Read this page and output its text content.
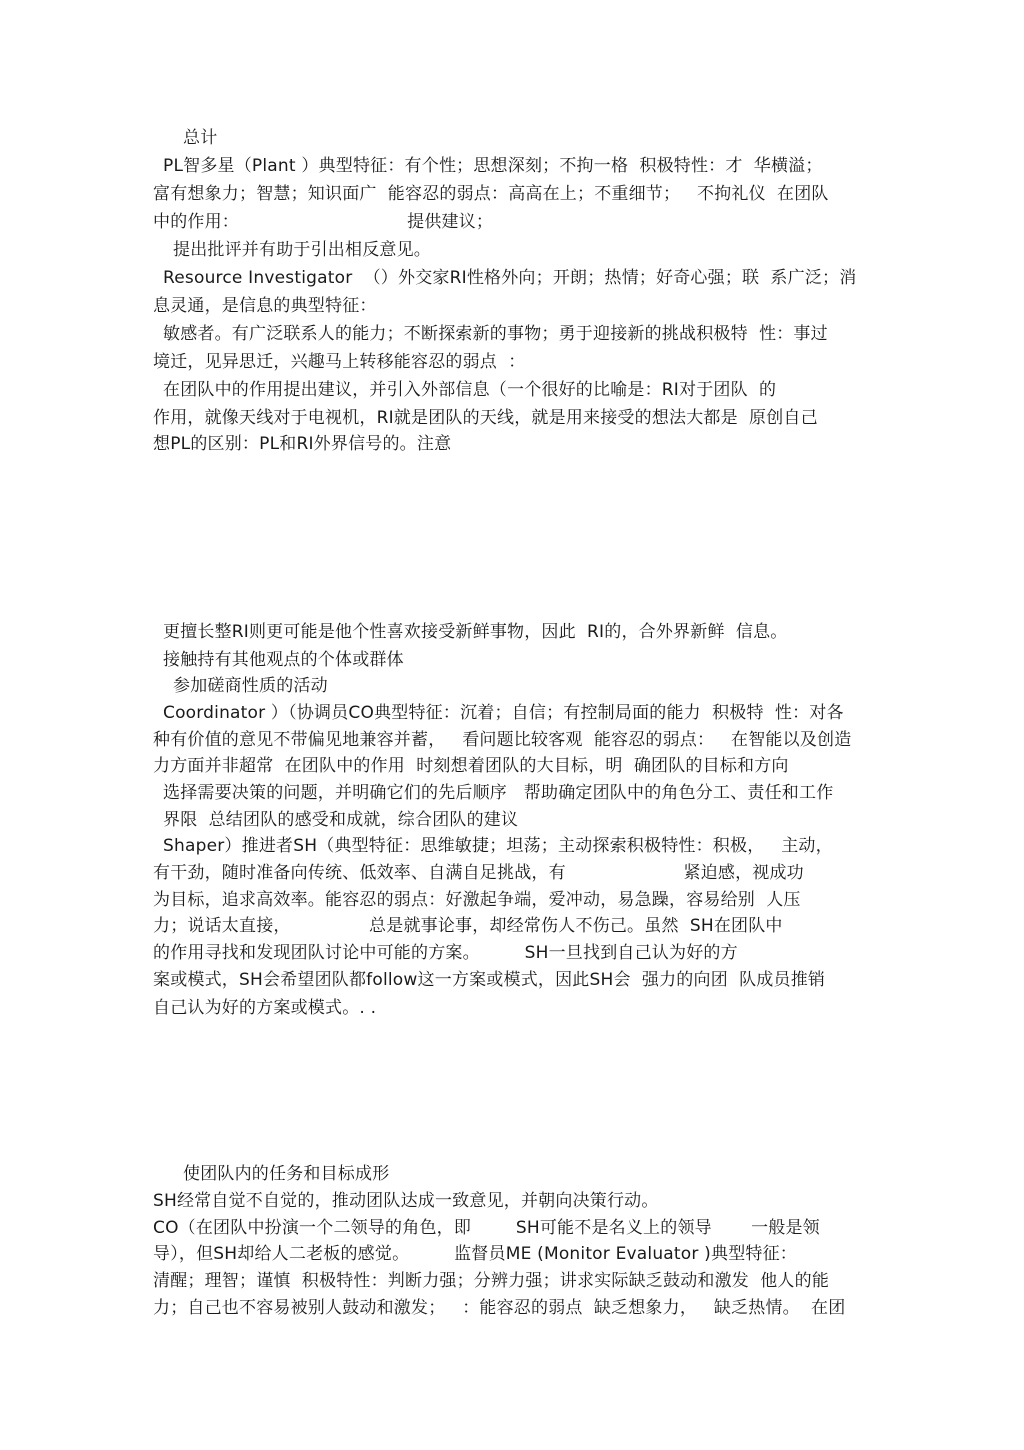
总计
PL智多星（Plant ）典型特征：有个性；思想深刻；不拘一格  积极特性：才  华横溢；
富有想象力；智慧；知识面广  能容忍的弱点：高高在上；不重细节；   不拘礼仪  在团队
中的作用：                              提供建议；
提出批评并有助于引出相反意见。
Resource Investigator  （）外交家RI性格外向；开朗；热情；好奇心强；联  系广泛；消
息灵通，是信息的典型特征：
敏感者。有广泛联系人的能力；不断探索新的事物；勇于迎接新的挑战积极特  性：事过
境迁，见异思迁，兴趣马上转移能容忍的弱点  ：
在团队中的作用提出建议，并引入外部信息（一个很好的比喻是：RI对于团队  的
作用，就像天线对于电视机，RI就是团队的天线，就是用来接受的想法大都是  原创自己
想PL的区别：PL和RI外界信号的。注意
更擅长整RI则更可能是他个性喜欢接受新鲜事物，因此  RI的，合外界新鲜  信息。
接触持有其他观点的个体或群体
参加磋商性质的活动
Coordinator ）（协调员CO典型特征：沉着；自信；有控制局面的能力  积极特  性：对各
种有价值的意见不带偏见地兼容并蓄，   看问题比较客观  能容忍的弱点：   在智能以及创造
力方面并非超常  在团队中的作用  时刻想着团队的大目标，明  确团队的目标和方向
选择需要决策的问题，并明确它们的先后顺序   帮助确定团队中的角色分工、责任和工作
界限  总结团队的感受和成就，综合团队的建议
Shaper）推进者SH（典型特征：思维敏捷；坦荡；主动探索积极特性：积极，   主动，
有干劲，随时准备向传统、低效率、自满自足挑战，有                     紧迫感，视成功
为目标，追求高效率。能容忍的弱点：好激起争端，爱冲动，易急躁，容易给别  人压
力；说话太直接，              总是就事论事，却经常伤人不伤己。虽然  SH在团队中
的作用寻找和发现团队讨论中可能的方案。        SH一旦找到自己认为好的方
案或模式，SH会希望团队都follow这一方案或模式，因此SH会  强力的向团  队成员推销
自己认为好的方案或模式。. .
使团队内的任务和目标成形
SH经常自觉不自觉的，推动团队达成一致意见，并朝向决策行动。
CO（在团队中扮演一个二领导的角色，即        SH可能不是名义上的领导       一般是领
导），但SH却给人二老板的感觉。        监督员ME (Monitor Evaluator )典型特征：
清醒；理智；谨慎  积极特性：判断力强；分辨力强；讲求实际缺乏鼓动和激发  他人的能
力；自己也不容易被别人鼓动和激发；   ：能容忍的弱点  缺乏想象力，   缺乏热情。  在团
